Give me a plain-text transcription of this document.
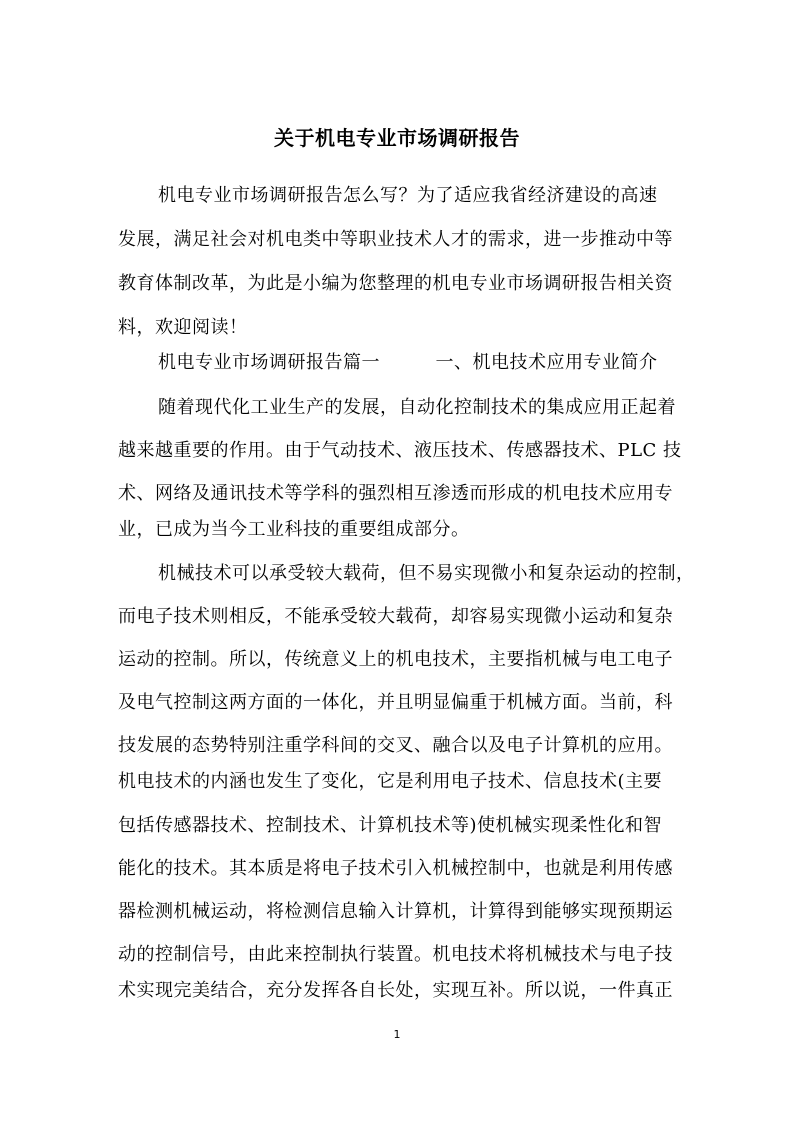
关于机电专业市场调研报告
机电专业市场调研报告怎么写？为了适应我省经济建设的高速
发展，满足社会对机电类中等职业技术人才的需求，进一步推动中等
教育体制改革，为此是小编为您整理的机电专业市场调研报告相关资
料，欢迎阅读！
机电专业市场调研报告篇一　　　一、机电技术应用专业简介
随着现代化工业生产的发展，自动化控制技术的集成应用正起着
越来越重要的作用。由于气动技术、液压技术、传感器技术、PLC 技
术、网络及通讯技术等学科的强烈相互渗透而形成的机电技术应用专
业，已成为当今工业科技的重要组成部分。
机械技术可以承受较大载荷，但不易实现微小和复杂运动的控制，
而电子技术则相反，不能承受较大载荷，却容易实现微小运动和复杂
运动的控制。所以，传统意义上的机电技术，主要指机械与电工电子
及电气控制这两方面的一体化，并且明显偏重于机械方面。当前，科
技发展的态势特别注重学科间的交叉、融合以及电子计算机的应用。
机电技术的内涵也发生了变化，它是利用电子技术、信息技术(主要
包括传感器技术、控制技术、计算机技术等)使机械实现柔性化和智
能化的技术。其本质是将电子技术引入机械控制中，也就是利用传感
器检测机械运动，将检测信息输入计算机，计算得到能够实现预期运
动的控制信号，由此来控制执行装置。机电技术将机械技术与电子技
术实现完美结合，充分发挥各自长处，实现互补。所以说，一件真正
1
